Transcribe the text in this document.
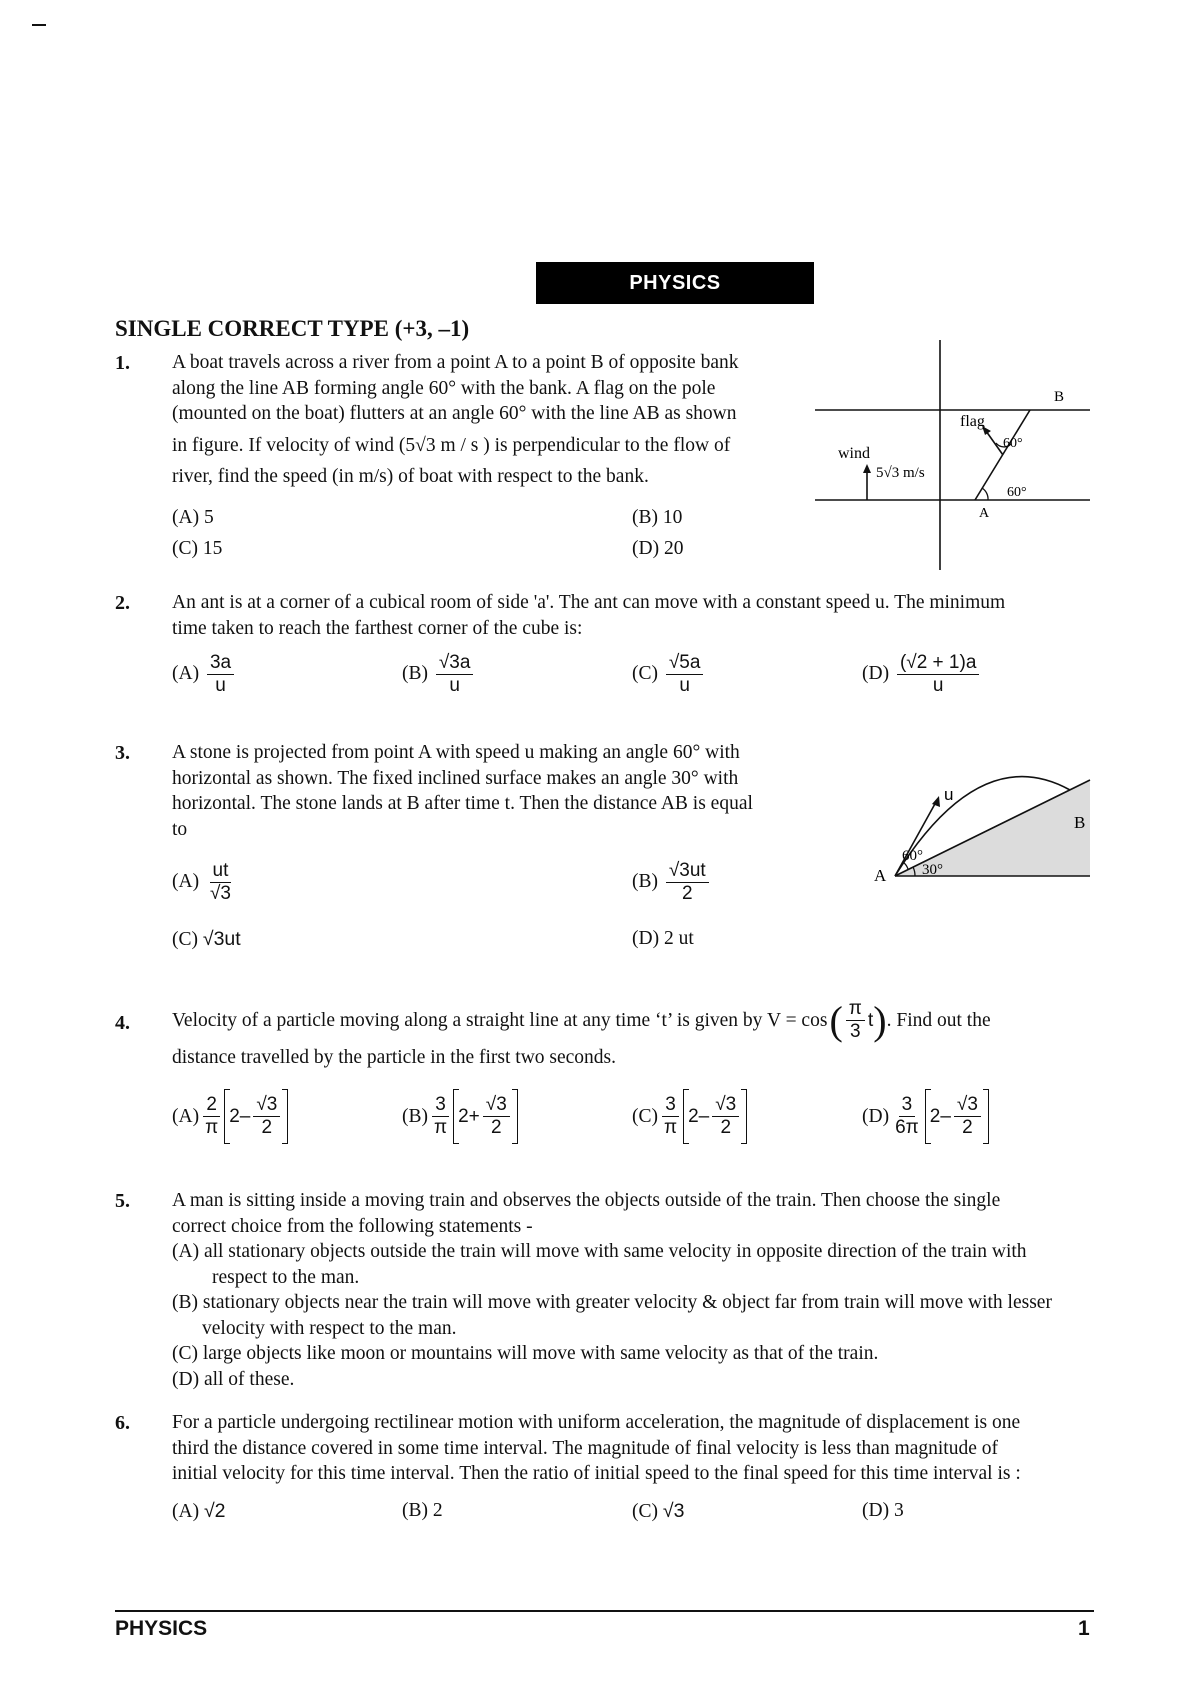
PHYSICS
SINGLE CORRECT TYPE (+3, –1)
1. A boat travels across a river from a point A to a point B of opposite bank
along the line AB forming angle 60° with the bank. A flag on the pole
(mounted on the boat) flutters at an angle 60° with the line AB as shown
in figure. If velocity of wind (5√3 m / s ) is perpendicular to the flow of
river, find the speed (in m/s) of boat with respect to the bank.
(A) 5	(B) 10
(C) 15	(D) 20
wind
5√3 m/s
flag
60°
60°
A
B
2. An ant is at a corner of a cubical room of side 'a'. The ant can move with a constant speed u. The minimum
time taken to reach the farthest corner of the cube is:
$(A) \frac{3a}{u}$	$(B) \frac{√3a}{u}$	$(C) \frac{√5a}{u}$	$(D) \frac{(√2 + 1)a}{u}$
3. A stone is projected from point A with speed u making an angle 60° with
horizontal as shown. The fixed inclined surface makes an angle 30° with
horizontal. The stone lands at B after time t. Then the distance AB is equal
to
$(A) \frac{ut}{√3}$	$(B) \frac{√3ut}{2}$
(C) √3ut	(D) 2 ut
u
B
A
60°
30°
4. Velocity of a particle moving along a straight line at any time ‘t’ is given by V = cos ( $\frac{\pi}{3}$ t ) . Find out the
distance travelled by the particle in the first two seconds.
$(A) \frac{2}{\pi} 2- \frac{√3}{2}$	$(B) \frac{3}{\pi} 2+ \frac{√3}{2}$	$(C) \frac{3}{\pi} 2- \frac{√3}{2}$	$(D) \frac{3}{6\pi} 2- \frac{√3}{2}$
5. A man is sitting inside a moving train and observes the objects outside of the train. Then choose the single
correct choice from the following statements -
(A) all stationary objects outside the train will move with same velocity in opposite direction of the train with
respect to the man.
(B) stationary objects near the train will move with greater velocity & object far from train will move with lesser
velocity with respect to the man.
(C) large objects like moon or mountains will move with same velocity as that of the train.
(D) all of these.
6. For a particle undergoing rectilinear motion with uniform acceleration, the magnitude of displacement is one
third the distance covered in some time interval. The magnitude of final velocity is less than magnitude of
initial velocity for this time interval. Then the ratio of initial speed to the final speed for this time interval is :
(A) √2	(B) 2	(C) √3	(D) 3
PHYSICS	1
